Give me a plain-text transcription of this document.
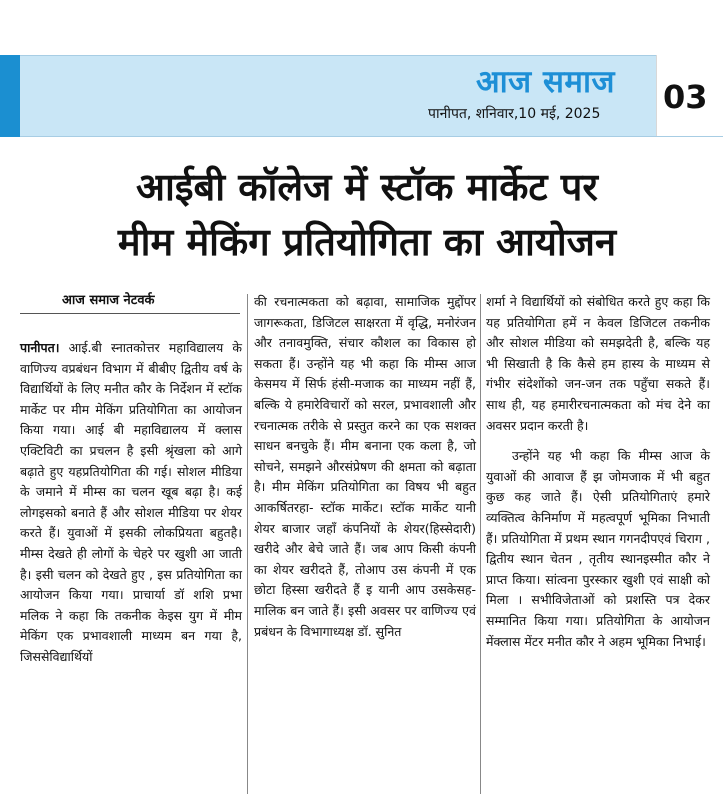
आज समाज
पानीपत, शनिवार,10 मई, 2025 03
आईबी कॉलेज में स्टॉक मार्केट पर
मीम मेकिंग प्रतियोगिता का आयोजन
आज समाज नेटवर्क

पानीपत। आई.बी स्नातकोत्तर महाविद्यालय के वाणिज्य वप्रबंधन विभाग में बीबीए द्वितीय वर्ष के विद्यार्थियों के लिए मनीत कौर के निर्देशन में स्टॉक मार्केट पर मीम मेकिंग प्रतियोगिता का आयोजन किया गया। आई बी महाविद्यालय में क्लास एक्टिविटी का प्रचलन है इसी श्रृंखला को आगे बढ़ाते हुए यहप्रतियोगिता की गई। सोशल मीडिया के जमाने में मीम्स का चलन खूब बढ़ा है। कई लोगइसको बनाते हैं और सोशल मीडिया पर शेयर करते हैं। युवाओं में इसकी लोकप्रियता बहुतहै। मीम्स देखते ही लोगों के चेहरे पर खुशी आ जाती है। इसी चलन को देखते हुए , इस प्रतियोगिता का आयोजन किया गया। प्राचार्या डॉ शशि प्रभा मलिक ने कहा कि तकनीक केइस युग में मीम मेकिंग एक प्रभावशाली माध्यम बन गया है, जिससेविद्यार्थियों

की रचनात्मकता को बढ़ावा, सामाजिक मुद्दोंपर जागरूकता, डिजिटल साक्षरता में वृद्धि, मनोरंजन और तनावमुक्ति, संचार कौशल का विकास हो सकता हैं। उन्होंने यह भी कहा कि मीम्स आज केसमय में सिर्फ हंसी-मजाक का माध्यम नहीं हैं, बल्कि ये हमारेविचारों को सरल, प्रभावशाली और रचनात्मक तरीके से प्रस्तुत करने का एक सशक्त साधन बनचुके हैं। मीम बनाना एक कला है, जो सोचने, समझने औरसंप्रेषण की क्षमता को बढ़ाता है। मीम मेकिंग प्रतियोगिता का विषय भी बहुत आकर्षितरहा- स्टॉक मार्केट। स्टॉक मार्केट यानी शेयर बाजार जहाँ कंपनियों के शेयर(हिस्सेदारी) खरीदे और बेचे जाते हैं। जब आप किसी कंपनी का शेयर खरीदते हैं, तोआप उस कंपनी में एक छोटा हिस्सा खरीदते हैं इ यानी आप उसकेसह-मालिक बन जाते हैं। इसी अवसर पर वाणिज्य एवं प्रबंधन के विभागाध्यक्ष डॉ. सुनित

शर्मा ने विद्यार्थियों को संबोधित करते हुए कहा कि यह प्रतियोगिता हमें न केवल डिजिटल तकनीक और सोशल मीडिया को समझदेती है, बल्कि यह भी सिखाती है कि कैसे हम हास्य के माध्यम से गंभीर संदेशोंको जन-जन तक पहुँचा सकते हैं। साथ ही, यह हमारीरचनात्मकता को मंच देने का अवसर प्रदान करती है।

उन्होंने यह भी कहा कि मीम्स आज के युवाओं की आवाज हैं झ जोमजाक में भी बहुत कुछ कह जाते हैं। ऐसी प्रतियोगिताएं हमारे व्यक्तित्व केनिर्माण में महत्वपूर्ण भूमिका निभाती हैं। प्रतियोगिता में प्रथम स्थान गगनदीपएवं चिराग , द्वितीय स्थान चेतन , तृतीय स्थानइस्मीत कौर ने प्राप्त किया। सांत्वना पुरस्कार खुशी एवं साक्षी को मिला । सभीविजेताओं को प्रशस्ति पत्र देकर सम्मानित किया गया। प्रतियोगिता के आयोजन मेंक्लास मेंटर मनीत कौर ने अहम भूमिका निभाई।
